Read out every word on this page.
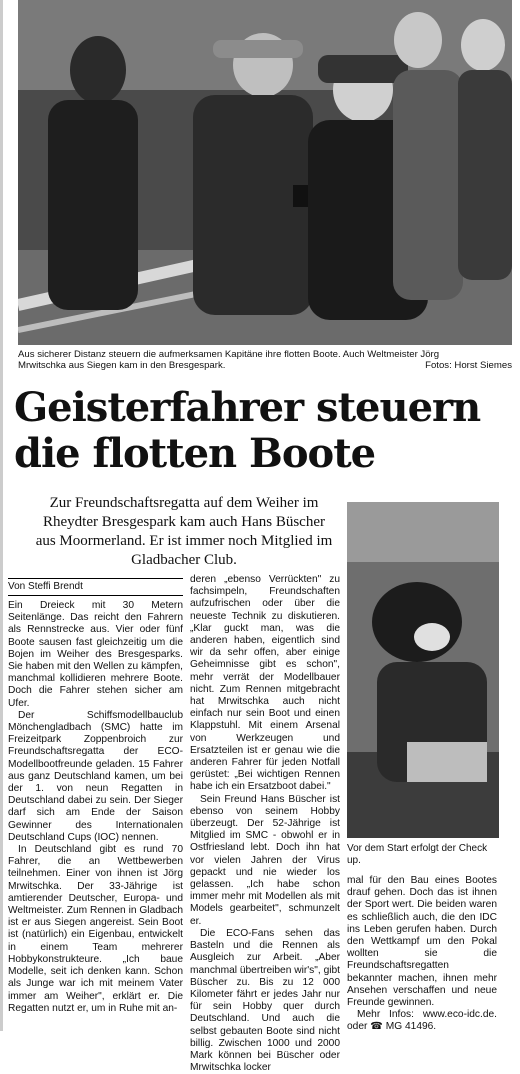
Aus sicherer Distanz steuern die aufmerksamen Kapitäne ihre flotten Boote. Auch Weltmeister Jörg
Mrwitschka aus Siegen kam in den Bresgespark.	Fotos: Horst Siemes
Geisterfahrer steuern
die flotten Boote
Zur Freundschaftsregatta auf dem Weiher im Rheydter Bresgespark kam auch Hans Büscher aus Moormerland. Er ist immer noch Mitglied im Gladbacher Club.
Von Steffi Brendt

Ein Dreieck mit 30 Metern Seitenlänge. Das reicht den Fahrern als Rennstrecke aus. Vier oder fünf Boote sausen fast gleichzeitig um die Bojen im Weiher des Bresgesparks. Sie haben mit den Wellen zu kämpfen, manchmal kollidieren mehrere Boote. Doch die Fahrer stehen sicher am Ufer.

Der Schiffsmodellbauclub Mönchengladbach (SMC) hatte im Freizeitpark Zoppenbroich zur Freundschaftsregatta der ECO-Modellbootfreunde geladen. 15 Fahrer aus ganz Deutschland kamen, um bei der 1. von neun Regatten in Deutschland dabei zu sein. Der Sieger darf sich am Ende der Saison Gewinner des Internationalen Deutschland Cups (IOC) nennen.

In Deutschland gibt es rund 70 Fahrer, die an Wettbewerben teilnehmen. Einer von ihnen ist Jörg Mrwitschka. Der 33-Jährige ist amtierender Deutscher, Europa- und Weltmeister. Zum Rennen in Gladbach ist er aus Siegen angereist. Sein Boot ist (natürlich) ein Eigenbau, entwickelt in einem Team mehrerer Hobbykonstrukteure. „Ich baue Modelle, seit ich denken kann. Schon als Junge war ich mit meinem Vater immer am Weiher", erklärt er. Die Regatten nutzt er, um in Ruhe mit an-

deren „ebenso Verrückten" zu fachsimpeln, Freundschaften aufzufrischen oder über die neueste Technik zu diskutieren. „Klar guckt man, was die anderen haben, eigentlich sind wir da sehr offen, aber einige Geheimnisse gibt es schon", mehr verrät der Modellbauer nicht. Zum Rennen mitgebracht hat Mrwitschka auch nicht einfach nur sein Boot und einen Klappstuhl. Mit einem Arsenal von Werkzeugen und Ersatzteilen ist er genau wie die anderen Fahrer für jeden Notfall gerüstet: „Bei wichtigen Rennen habe ich ein Ersatzboot dabei."

Sein Freund Hans Büscher ist ebenso von seinem Hobby überzeugt. Der 52-Jährige ist Mitglied im SMC - obwohl er in Ostfriesland lebt. Doch ihn hat vor vielen Jahren der Virus gepackt und nie wieder los gelassen. „Ich habe schon immer mehr mit Modellen als mit Models gearbeitet", schmunzelt er.

Die ECO-Fans sehen das Basteln und die Rennen als Ausgleich zur Arbeit. „Aber manchmal übertreiben wir's", gibt Büscher zu. Bis zu 12 000 Kilometer fährt er jedes Jahr nur für sein Hobby quer durch Deutschland. Und auch die selbst gebauten Boote sind nicht billig. Zwischen 1000 und 2000 Mark können bei Büscher oder Mrwitschka locker

Vor dem Start erfolgt der Check up.

mal für den Bau eines Bootes drauf gehen. Doch das ist ihnen der Sport wert. Die beiden waren es schließlich auch, die den IDC ins Leben gerufen haben. Durch den Wettkampf um den Pokal wollten sie die Freundschaftsregatten bekannter machen, ihnen mehr Ansehen verschaffen und neue Freunde gewinnen.

Mehr Infos: www.eco-idc.de. oder ☎ MG 41496.
